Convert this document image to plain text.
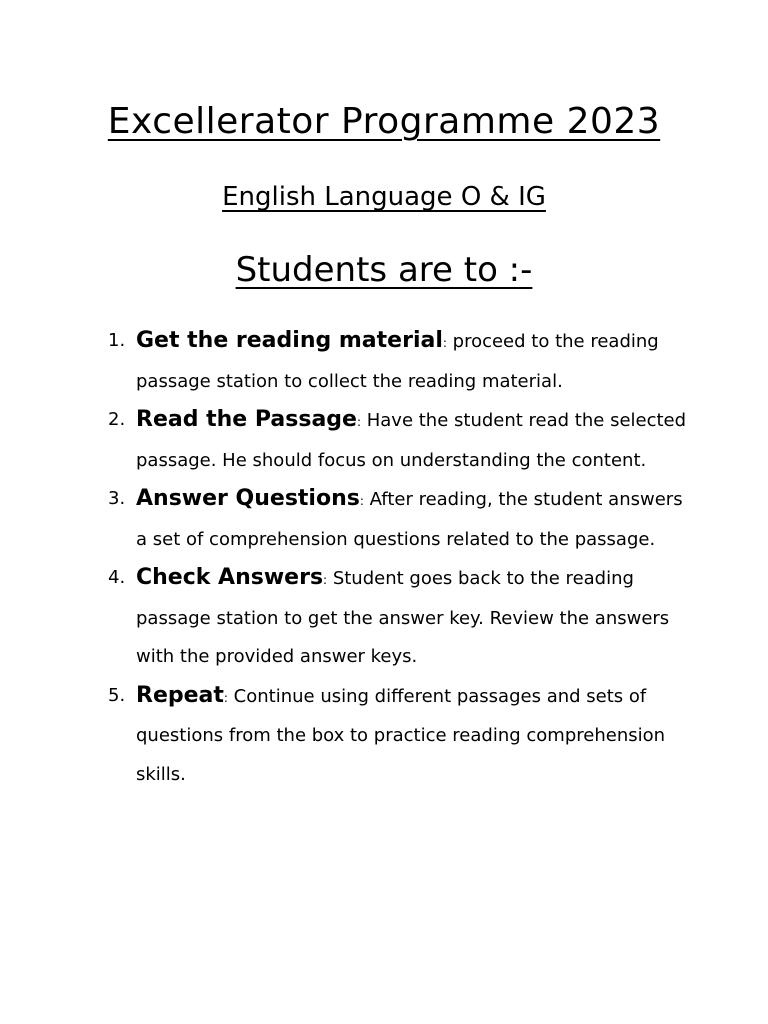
Excellerator Programme 2023
English Language O & IG
Students are to :-
1. Get the reading material: proceed to the reading passage station to collect the reading material.
2. Read the Passage: Have the student read the selected passage. He should focus on understanding the content.
3. Answer Questions: After reading, the student answers a set of comprehension questions related to the passage.
4. Check Answers: Student goes back to the reading passage station to get the answer key. Review the answers with the provided answer keys.
5. Repeat: Continue using different passages and sets of questions from the box to practice reading comprehension skills.
